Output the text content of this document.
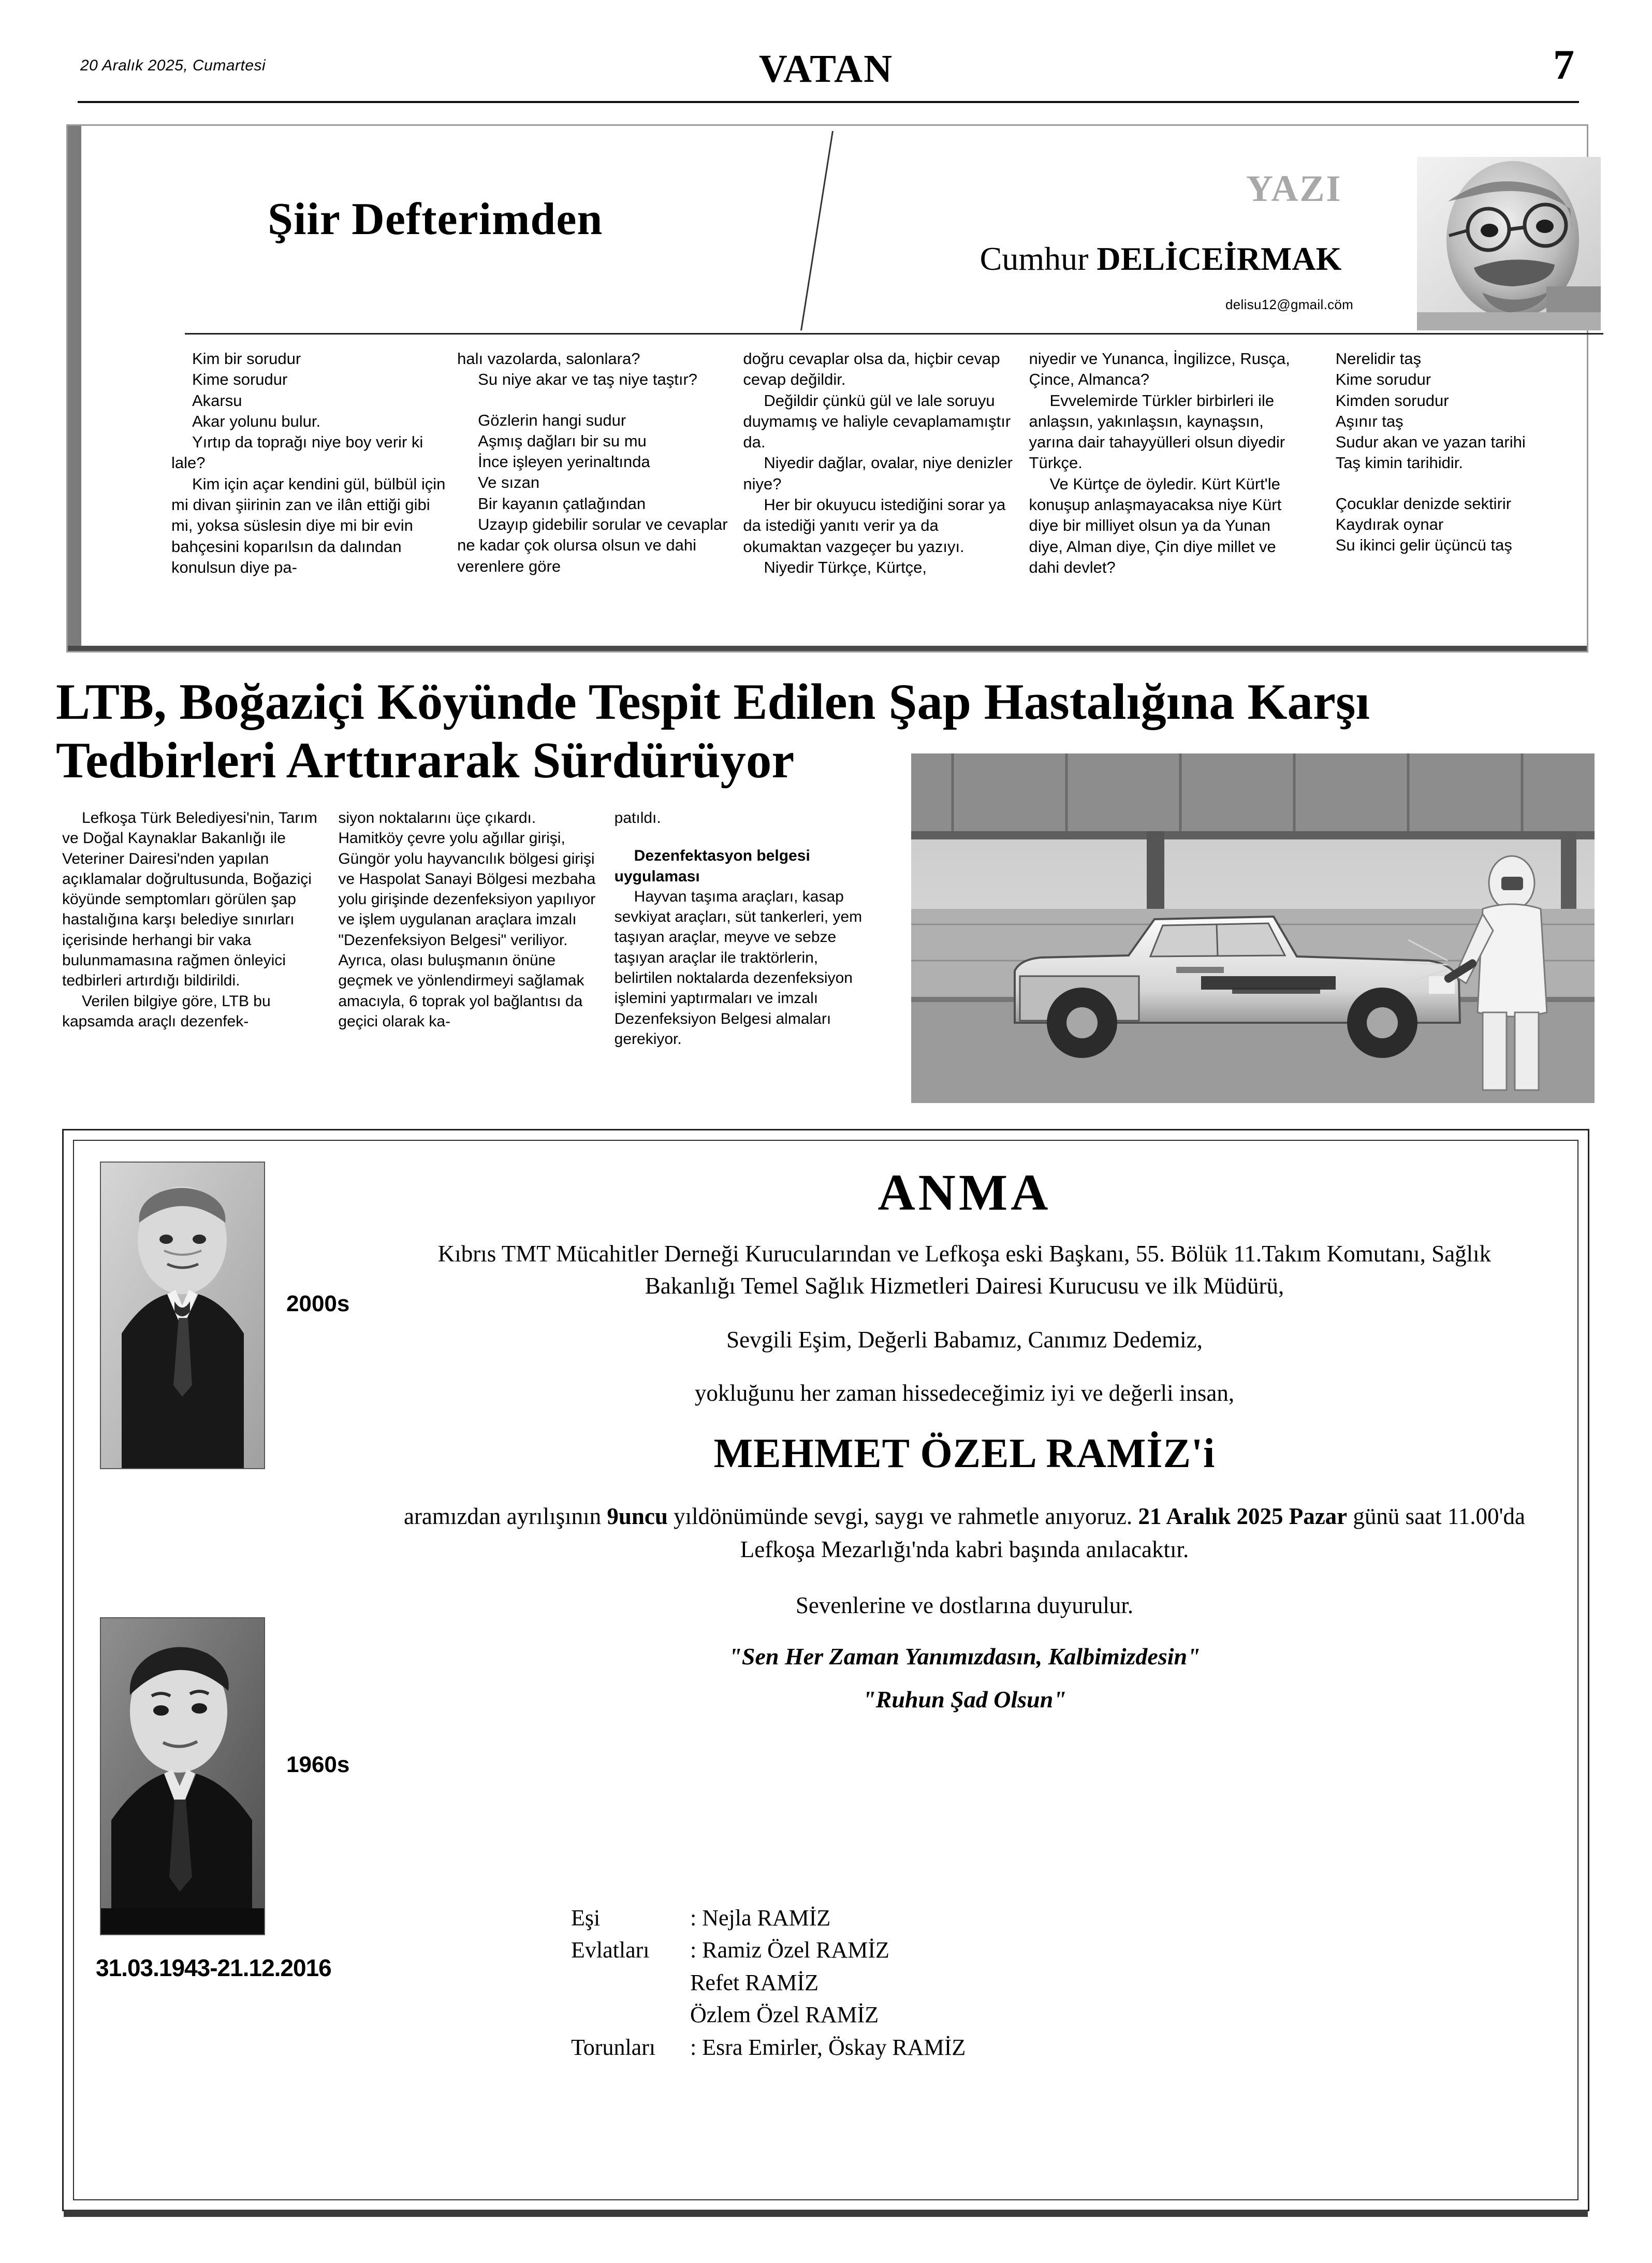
20 Aralık 2025, Cumartesi	VATAN	7
Şiir Defterimden
YAZI
Cumhur DELİCEİRMAK
delisu12@gmail.cöm

Kim bir sorudur

Kime sorudur

Akarsu

Akar yolunu bulur.

Yırtıp da toprağı niye boy verir ki lale?

Kim için açar kendini gül, bülbül için mi divan şiirinin zan ve ilân ettiği gibi mi, yoksa süslesin diye mi bir evin bahçesini koparılsın da dalından konulsun diye pa-

halı vazolarda, salonlara?

Su niye akar ve taş niye taştır?

Gözlerin hangi sudur

Aşmış dağları bir su mu

İnce işleyen yerinaltında

Ve sızan

Bir kayanın çatlağından

Uzayıp gidebilir sorular ve cevaplar ne kadar çok olursa olsun ve dahi verenlere göre

doğru cevaplar olsa da, hiçbir cevap cevap değildir.

Değildir çünkü gül ve lale soruyu duymamış ve haliyle cevaplamamıştır da.

Niyedir dağlar, ovalar, niye denizler niye?

Her bir okuyucu istediğini sorar ya da istediği yanıtı verir ya da okumaktan vazgeçer bu yazıyı.

Niyedir Türkçe, Kürtçe,

niyedir ve Yunanca, İngilizce, Rusça, Çince, Almanca?

Evvelemirde Türkler birbirleri ile anlaşsın, yakınlaşsın, kaynaşsın, yarına dair tahayyülleri olsun diyedir Türkçe.

Ve Kürtçe de öyledir. Kürt Kürt'le konuşup anlaşmayacaksa niye Kürt diye bir milliyet olsun ya da Yunan diye, Alman diye, Çin diye millet ve dahi devlet?

Nerelidir taş

Kime sorudur

Kimden sorudur

Aşınır taş

Sudur akan ve yazan tarihi

Taş kimin tarihidir.

Çocuklar denizde sektirir

Kaydırak oynar

Su ikinci gelir üçüncü taş

LTB, Boğaziçi Köyünde Tespit Edilen Şap Hastalığına Karşı Tedbirleri Arttırarak Sürdürüyor

Lefkoşa Türk Belediyesi'nin, Tarım ve Doğal Kaynaklar Bakanlığı ile Veteriner Dairesi'nden yapılan açıklamalar doğrultusunda, Boğaziçi köyünde semptomları görülen şap hastalığına karşı belediye sınırları içerisinde herhangi bir vaka bulunmamasına rağmen önleyici tedbirleri artırdığı bildirildi.

Verilen bilgiye göre, LTB bu kapsamda araçlı dezenfek-

siyon noktalarını üçe çıkardı. Hamitköy çevre yolu ağıllar girişi, Güngör yolu hayvancılık bölgesi girişi ve Haspolat Sanayi Bölgesi mezbaha yolu girişinde dezenfeksiyon yapılıyor ve işlem uygulanan araçlara imzalı "Dezenfeksiyon Belgesi" veriliyor. Ayrıca, olası buluşmanın önüne geçmek ve yönlendirmeyi sağlamak amacıyla, 6 toprak yol bağlantısı da geçici olarak ka-

patıldı.

Dezenfektasyon belgesi uygulaması

Hayvan taşıma araçları, kasap sevkiyat araçları, süt tankerleri, yem taşıyan araçlar, meyve ve sebze taşıyan araçlar ile traktörlerin, belirtilen noktalarda dezenfeksiyon işlemini yaptırmaları ve imzalı Dezenfeksiyon Belgesi almaları gerekiyor.

2000s
1960s
31.03.1943-21.12.2016
ANMA
Kıbrıs TMT Mücahitler Derneği Kurucularından ve Lefkoşa eski Başkanı, 55. Bölük 11.Takım Komutanı, Sağlık Bakanlığı Temel Sağlık Hizmetleri Dairesi Kurucusu ve ilk Müdürü,
Sevgili Eşim, Değerli Babamız, Canımız Dedemiz,
yokluğunu her zaman hissedeceğimiz iyi ve değerli insan,
MEHMET ÖZEL RAMİZ'i
aramızdan ayrılışının 9uncu yıldönümünde sevgi, saygı ve rahmetle anıyoruz. 21 Aralık 2025 Pazar günü saat 11.00'da Lefkoşa Mezarlığı'nda kabri başında anılacaktır.
Sevenlerine ve dostlarına duyurulur.
"Sen Her Zaman Yanımızdasın, Kalbimizdesin"
"Ruhun Şad Olsun"
Eşi	: Nejla RAMİZ
Evlatları	: Ramiz Özel RAMİZ
Refet RAMİZ
Özlem Özel RAMİZ
Torunları	: Esra Emirler, Öskay RAMİZ
